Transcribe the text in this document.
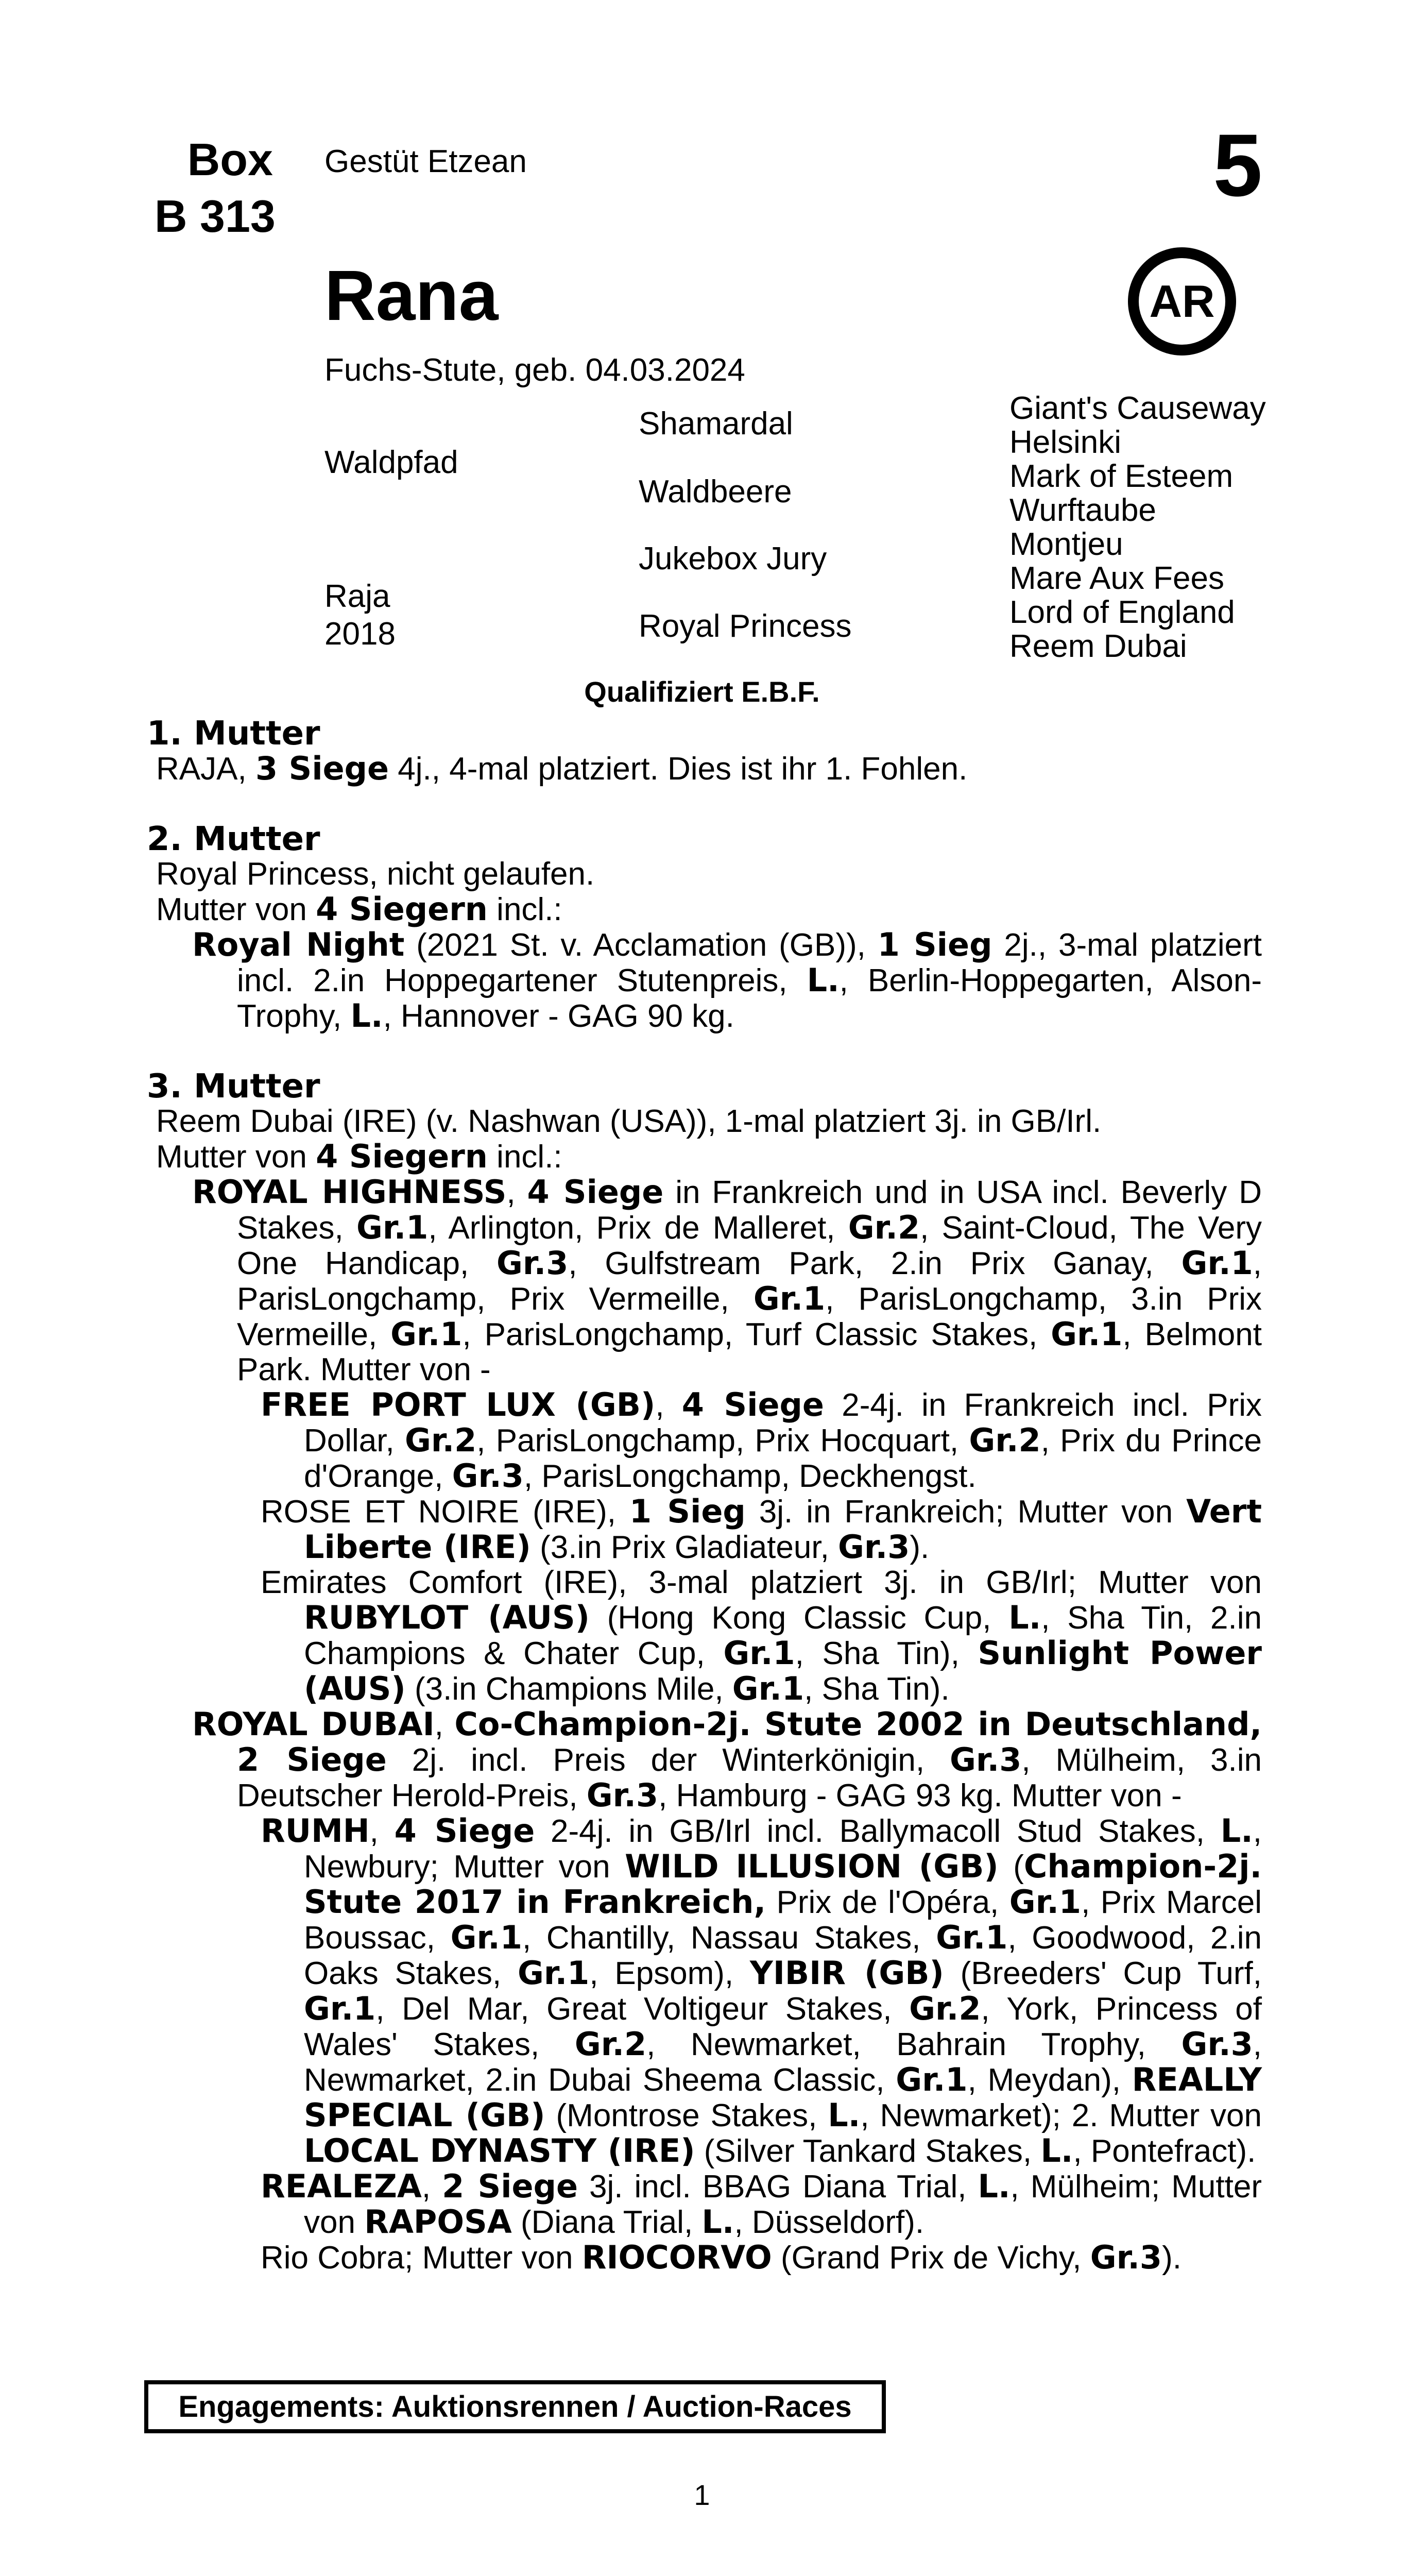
Box
B 313
Gestüt Etzean	5
Rana	AR
Fuchs-Stute, geb. 04.03.2024
Waldpfad
Raja
2018
Shamardal
Waldbeere
Jukebox Jury
Royal Princess
Giant's Causeway
Helsinki
Mark of Esteem
Wurftaube
Montjeu
Mare Aux Fees
Lord of England
Reem Dubai
Qualifiziert E.B.F.
1. Mutter

RAJA, 3 Siege 4j., 4-mal platziert. Dies ist ihr 1. Fohlen.

2. Mutter

Royal Princess, nicht gelaufen.

Mutter von 4 Siegern incl.:

Royal Night (2021 St. v. Acclamation (GB)), 1 Sieg 2j., 3-mal platziert incl. 2.in Hoppegartener Stutenpreis, L., Berlin-Hoppegarten, Alson-Trophy, L., Hannover - GAG 90 kg.

3. Mutter

Reem Dubai (IRE) (v. Nashwan (USA)), 1-mal platziert 3j. in GB/Irl.

Mutter von 4 Siegern incl.:

ROYAL HIGHNESS, 4 Siege in Frankreich und in USA incl. Beverly D Stakes, Gr.1, Arlington, Prix de Malleret, Gr.2, Saint-Cloud, The Very One Handicap, Gr.3, Gulfstream Park, 2.in Prix Ganay, Gr.1, ParisLongchamp, Prix Vermeille, Gr.1, ParisLongchamp, 3.in Prix Vermeille, Gr.1, ParisLongchamp, Turf Classic Stakes, Gr.1, Belmont Park. Mutter von -

FREE PORT LUX (GB), 4 Siege 2-4j. in Frankreich incl. Prix Dollar, Gr.2, ParisLongchamp, Prix Hocquart, Gr.2, Prix du Prince d'Orange, Gr.3, ParisLongchamp, Deckhengst.

ROSE ET NOIRE (IRE), 1 Sieg 3j. in Frankreich; Mutter von Vert Liberte (IRE) (3.in Prix Gladiateur, Gr.3).

Emirates Comfort (IRE), 3-mal platziert 3j. in GB/Irl; Mutter von RUBYLOT (AUS) (Hong Kong Classic Cup, L., Sha Tin, 2.in Champions & Chater Cup, Gr.1, Sha Tin), Sunlight Power (AUS) (3.in Champions Mile, Gr.1, Sha Tin).

ROYAL DUBAI, Co-Champion-2j. Stute 2002 in Deutschland, 2 Siege 2j. incl. Preis der Winterkönigin, Gr.3, Mülheim, 3.in Deutscher Herold-Preis, Gr.3, Hamburg - GAG 93 kg. Mutter von -

RUMH, 4 Siege 2-4j. in GB/Irl incl. Ballymacoll Stud Stakes, L., Newbury; Mutter von WILD ILLUSION (GB) (Champion-2j. Stute 2017 in Frankreich, Prix de l'Opéra, Gr.1, Prix Marcel Boussac, Gr.1, Chantilly, Nassau Stakes, Gr.1, Goodwood, 2.in Oaks Stakes, Gr.1, Epsom), YIBIR (GB) (Breeders' Cup Turf, Gr.1, Del Mar, Great Voltigeur Stakes, Gr.2, York, Princess of Wales' Stakes, Gr.2, Newmarket, Bahrain Trophy, Gr.3, Newmarket, 2.in Dubai Sheema Classic, Gr.1, Meydan), REALLY SPECIAL (GB) (Montrose Stakes, L., Newmarket); 2. Mutter von LOCAL DYNASTY (IRE) (Silver Tankard Stakes, L., Pontefract).

REALEZA, 2 Siege 3j. incl. BBAG Diana Trial, L., Mülheim; Mutter von RAPOSA (Diana Trial, L., Düsseldorf).

Rio Cobra; Mutter von RIOCORVO (Grand Prix de Vichy, Gr.3).

Engagements: Auktionsrennen / Auction-Races
1
